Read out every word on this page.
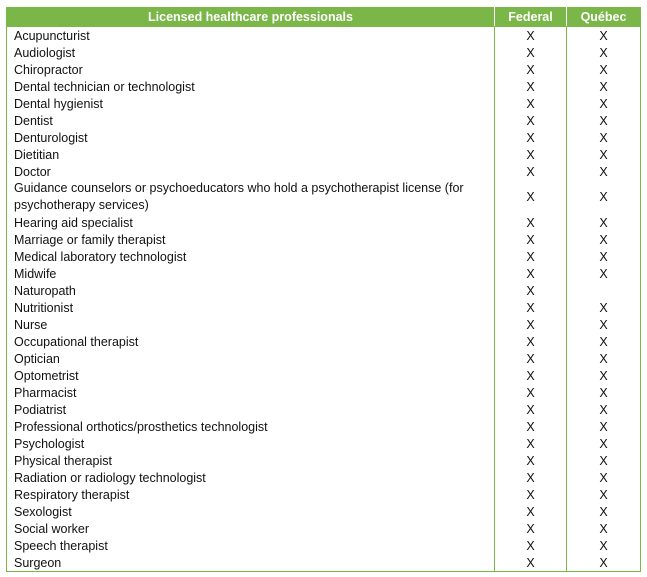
Licensed healthcare professionals	Federal	Québec
Acupuncturist	X	X
Audiologist	X	X
Chiropractor	X	X
Dental technician or technologist	X	X
Dental hygienist	X	X
Dentist	X	X
Denturologist	X	X
Dietitian	X	X
Doctor	X	X
Guidance counselors or psychoeducators who hold a psychotherapist license (for psychotherapy services)	X	X
Hearing aid specialist	X	X
Marriage or family therapist	X	X
Medical laboratory technologist	X	X
Midwife	X	X
Naturopath	X	
Nutritionist	X	X
Nurse	X	X
Occupational therapist	X	X
Optician	X	X
Optometrist	X	X
Pharmacist	X	X
Podiatrist	X	X
Professional orthotics/prosthetics technologist	X	X
Psychologist	X	X
Physical therapist	X	X
Radiation or radiology technologist	X	X
Respiratory therapist	X	X
Sexologist	X	X
Social worker	X	X
Speech therapist	X	X
Surgeon	X	X
